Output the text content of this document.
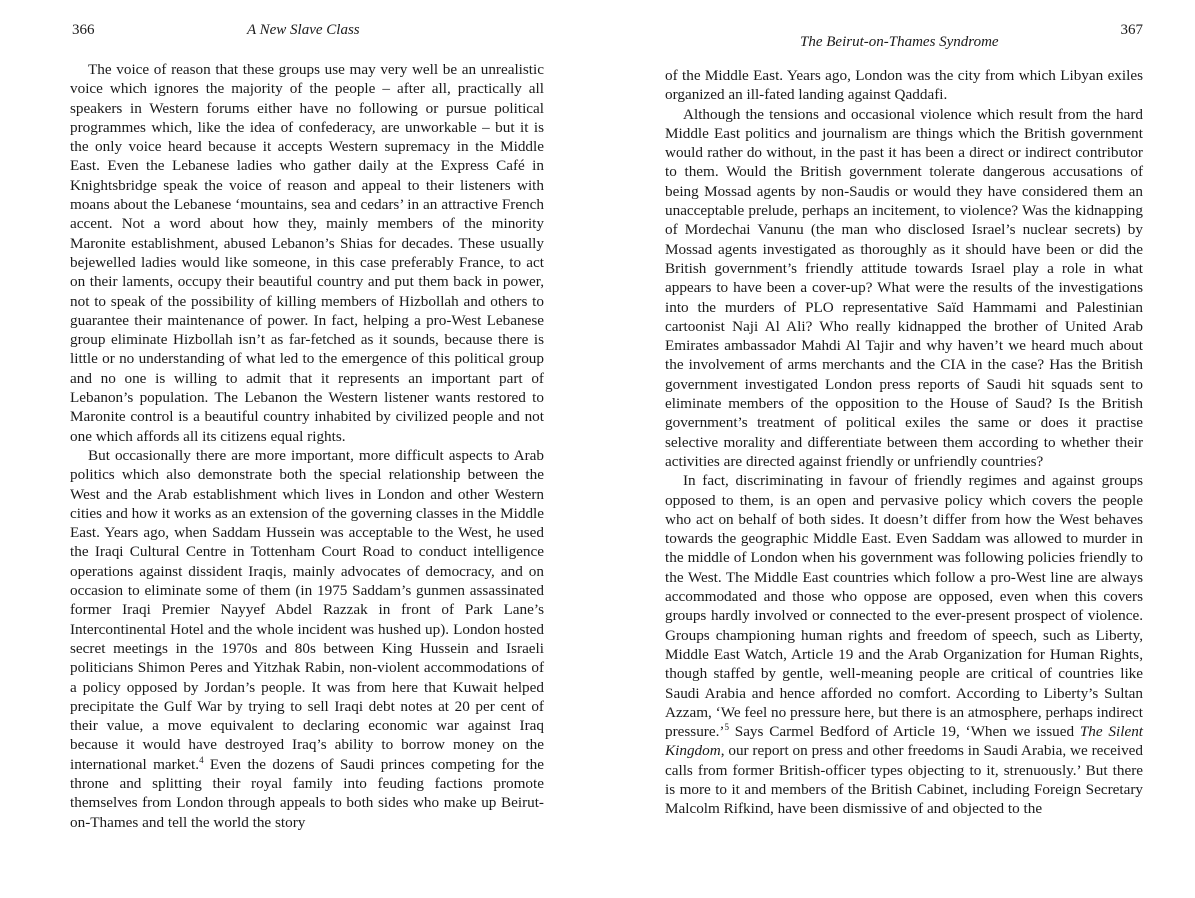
366	A New Slave Class

The voice of reason that these groups use may very well be an unrealistic voice which ignores the majority of the people – after all, practically all speakers in Western forums either have no following or pursue political programmes which, like the idea of confederacy, are unworkable – but it is the only voice heard because it accepts Western supremacy in the Middle East. Even the Lebanese ladies who gather daily at the Express Café in Knightsbridge speak the voice of reason and appeal to their listeners with moans about the Lebanese ‘mountains, sea and cedars’ in an attractive French accent. Not a word about how they, mainly members of the minority Maronite establishment, abused Lebanon’s Shias for decades. These usually bejewelled ladies would like someone, in this case preferably France, to act on their laments, occupy their beautiful country and put them back in power, not to speak of the possibility of killing members of Hizbollah and others to guarantee their maintenance of power. In fact, helping a pro-West Lebanese group eliminate Hizbollah isn’t as far-fetched as it sounds, because there is little or no understanding of what led to the emergence of this political group and no one is willing to admit that it represents an important part of Lebanon’s population. The Lebanon the Western listener wants restored to Maronite control is a beautiful country inhabited by civilized people and not one which affords all its citizens equal rights.

But occasionally there are more important, more difficult aspects to Arab politics which also demonstrate both the special relationship between the West and the Arab establishment which lives in London and other Western cities and how it works as an extension of the governing classes in the Middle East. Years ago, when Saddam Hussein was acceptable to the West, he used the Iraqi Cultural Centre in Tottenham Court Road to conduct intelligence operations against dissident Iraqis, mainly advocates of democracy, and on occasion to eliminate some of them (in 1975 Saddam’s gunmen assassinated former Iraqi Premier Nayyef Abdel Razzak in front of Park Lane’s Intercontinental Hotel and the whole incident was hushed up). London hosted secret meetings in the 1970s and 80s between King Hussein and Israeli politicians Shimon Peres and Yitzhak Rabin, non-violent accommodations of a policy opposed by Jordan’s people. It was from here that Kuwait helped precipitate the Gulf War by trying to sell Iraqi debt notes at 20 per cent of their value, a move equivalent to declaring economic war against Iraq because it would have destroyed Iraq’s ability to borrow money on the international market.$^4$ Even the dozens of Saudi princes competing for the throne and splitting their royal family into feuding factions promote themselves from London through appeals to both sides who make up Beirut-on-Thames and tell the world the story

The Beirut-on-Thames Syndrome
367

of the Middle East. Years ago, London was the city from which Libyan exiles organized an ill-fated landing against Qaddafi.

Although the tensions and occasional violence which result from the hard Middle East politics and journalism are things which the British government would rather do without, in the past it has been a direct or indirect contributor to them. Would the British government tolerate dangerous accusations of being Mossad agents by non-Saudis or would they have considered them an unacceptable prelude, perhaps an incitement, to violence? Was the kidnapping of Mordechai Vanunu (the man who disclosed Israel’s nuclear secrets) by Mossad agents investigated as thoroughly as it should have been or did the British government’s friendly attitude towards Israel play a role in what appears to have been a cover-up? What were the results of the investigations into the murders of PLO representative Saïd Hammami and Palestinian cartoonist Naji Al Ali? Who really kidnapped the brother of United Arab Emirates ambassador Mahdi Al Tajir and why haven’t we heard much about the involvement of arms merchants and the CIA in the case? Has the British government investigated London press reports of Saudi hit squads sent to eliminate members of the opposition to the House of Saud? Is the British government’s treatment of political exiles the same or does it practise selective morality and differentiate between them according to whether their activities are directed against friendly or unfriendly countries?

In fact, discriminating in favour of friendly regimes and against groups opposed to them, is an open and pervasive policy which covers the people who act on behalf of both sides. It doesn’t differ from how the West behaves towards the geographic Middle East. Even Saddam was allowed to murder in the middle of London when his government was following policies friendly to the West. The Middle East countries which follow a pro-West line are always accommodated and those who oppose are opposed, even when this covers groups hardly involved or connected to the ever-present prospect of violence. Groups championing human rights and freedom of speech, such as Liberty, Middle East Watch, Article 19 and the Arab Organization for Human Rights, though staffed by gentle, well-meaning people are critical of countries like Saudi Arabia and hence afforded no comfort. According to Liberty’s Sultan Azzam, ‘We feel no pressure here, but there is an atmosphere, perhaps indirect pressure.’$^5$ Says Carmel Bedford of Article 19, ‘When we issued The Silent Kingdom, our report on press and other freedoms in Saudi Arabia, we received calls from former British-officer types objecting to it, strenuously.’ But there is more to it and members of the British Cabinet, including Foreign Secretary Malcolm Rifkind, have been dismissive of and objected to the
